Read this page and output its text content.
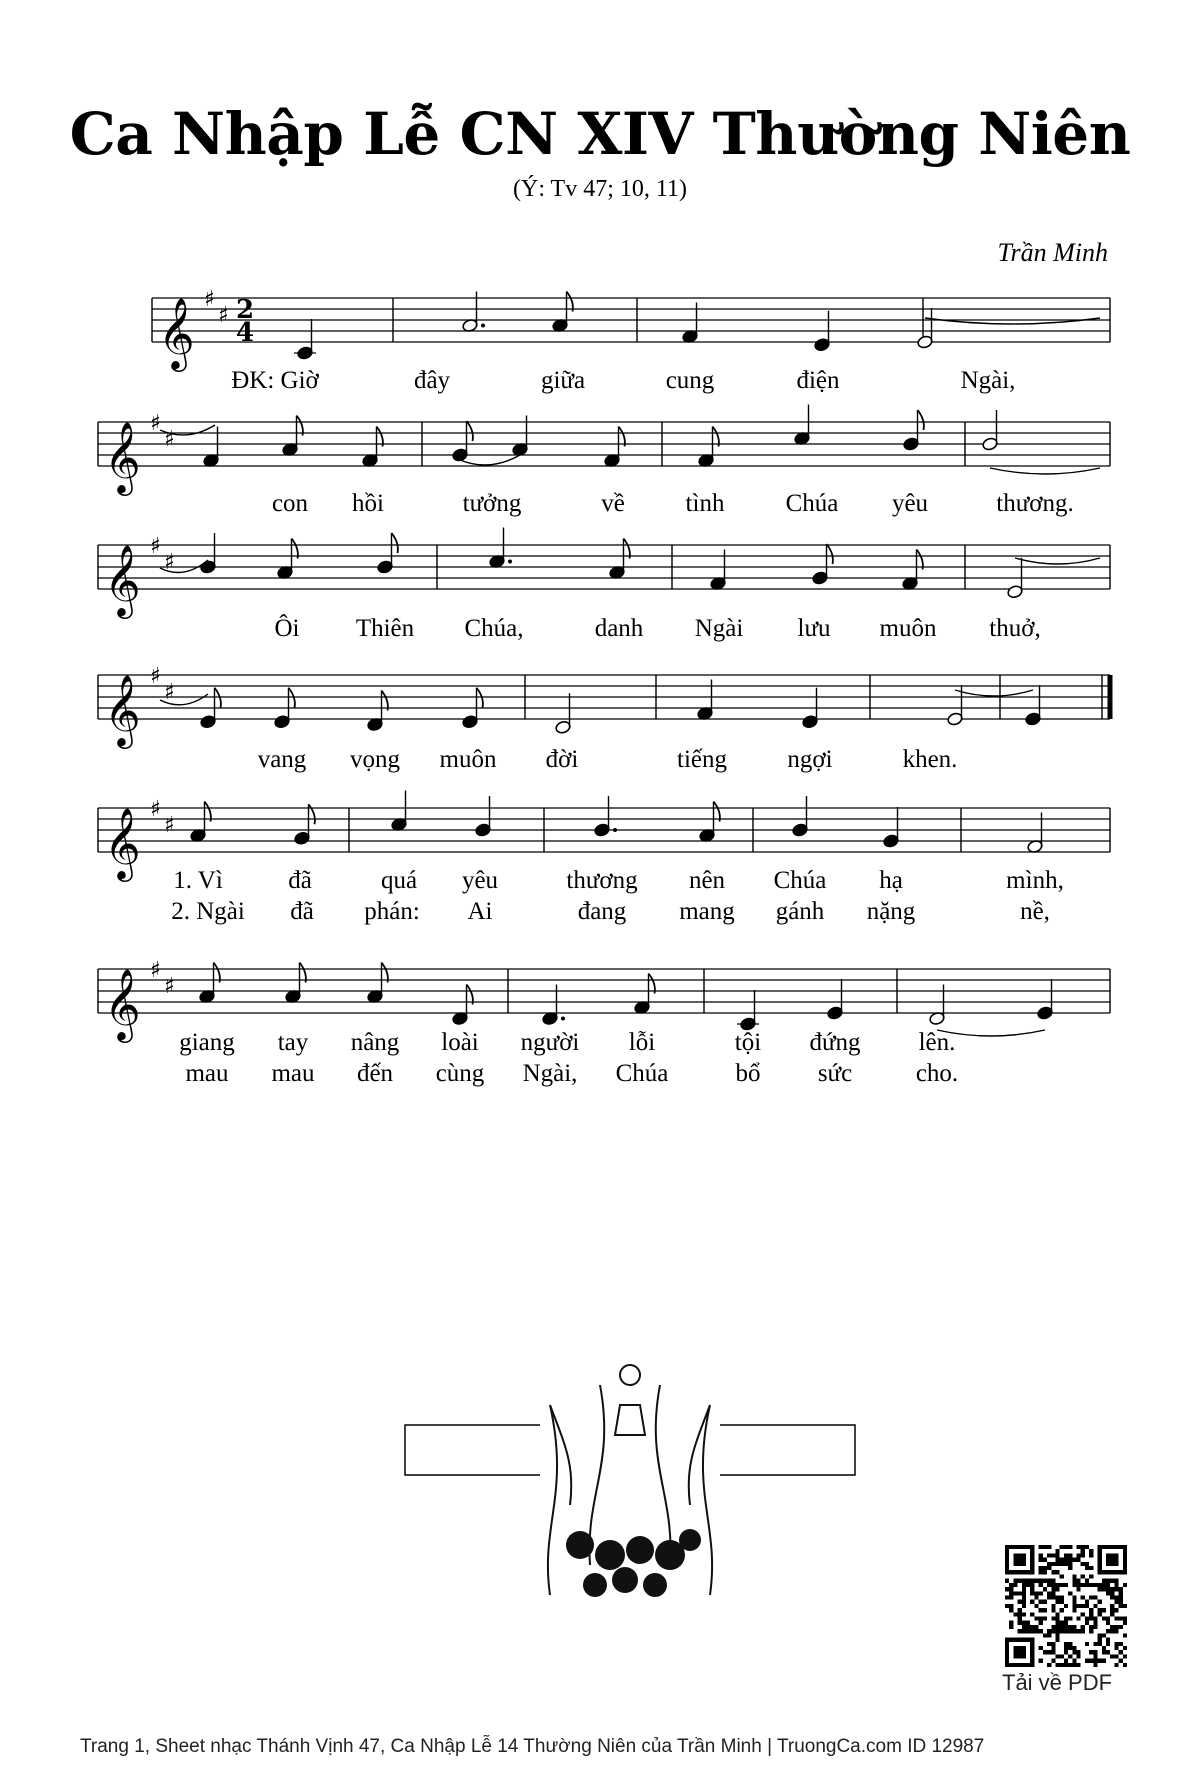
Ca Nhập Lễ CN XIV Thường Niên
(Ý: Tv 47; 10, 11)
Trần Minh
𝄞 ♯
♯ 2
4
ĐK: Giờ	đây	giữa	cung	điện	Ngài,
𝄞 ♯
♯
con hồi	tưởng	về tình Chúa yêu	thương.
𝄞 ♯
♯
Ôi Thiên Chúa,	danh Ngài lưu muôn thuở,
𝄞 ♯
♯
vang vọng muôn đời	tiếng ngợi	khen.
𝄞 ♯
♯
1. Vì	đã	quá yêu	thương nên Chúa hạ	mình,
2. Ngài đã phán: Ai	đang mang gánh nặng	nề,
𝄞 ♯
♯
giang tay nâng loài người lỗi	tội đứng lên.
mau mau đến cùng Ngài, Chúa	bổ sức	cho.
Tải về PDF
Trang 1, Sheet nhạc Thánh Vịnh 47, Ca Nhập Lễ 14 Thường Niên của Trần Minh | TruongCa.com ID 12987
